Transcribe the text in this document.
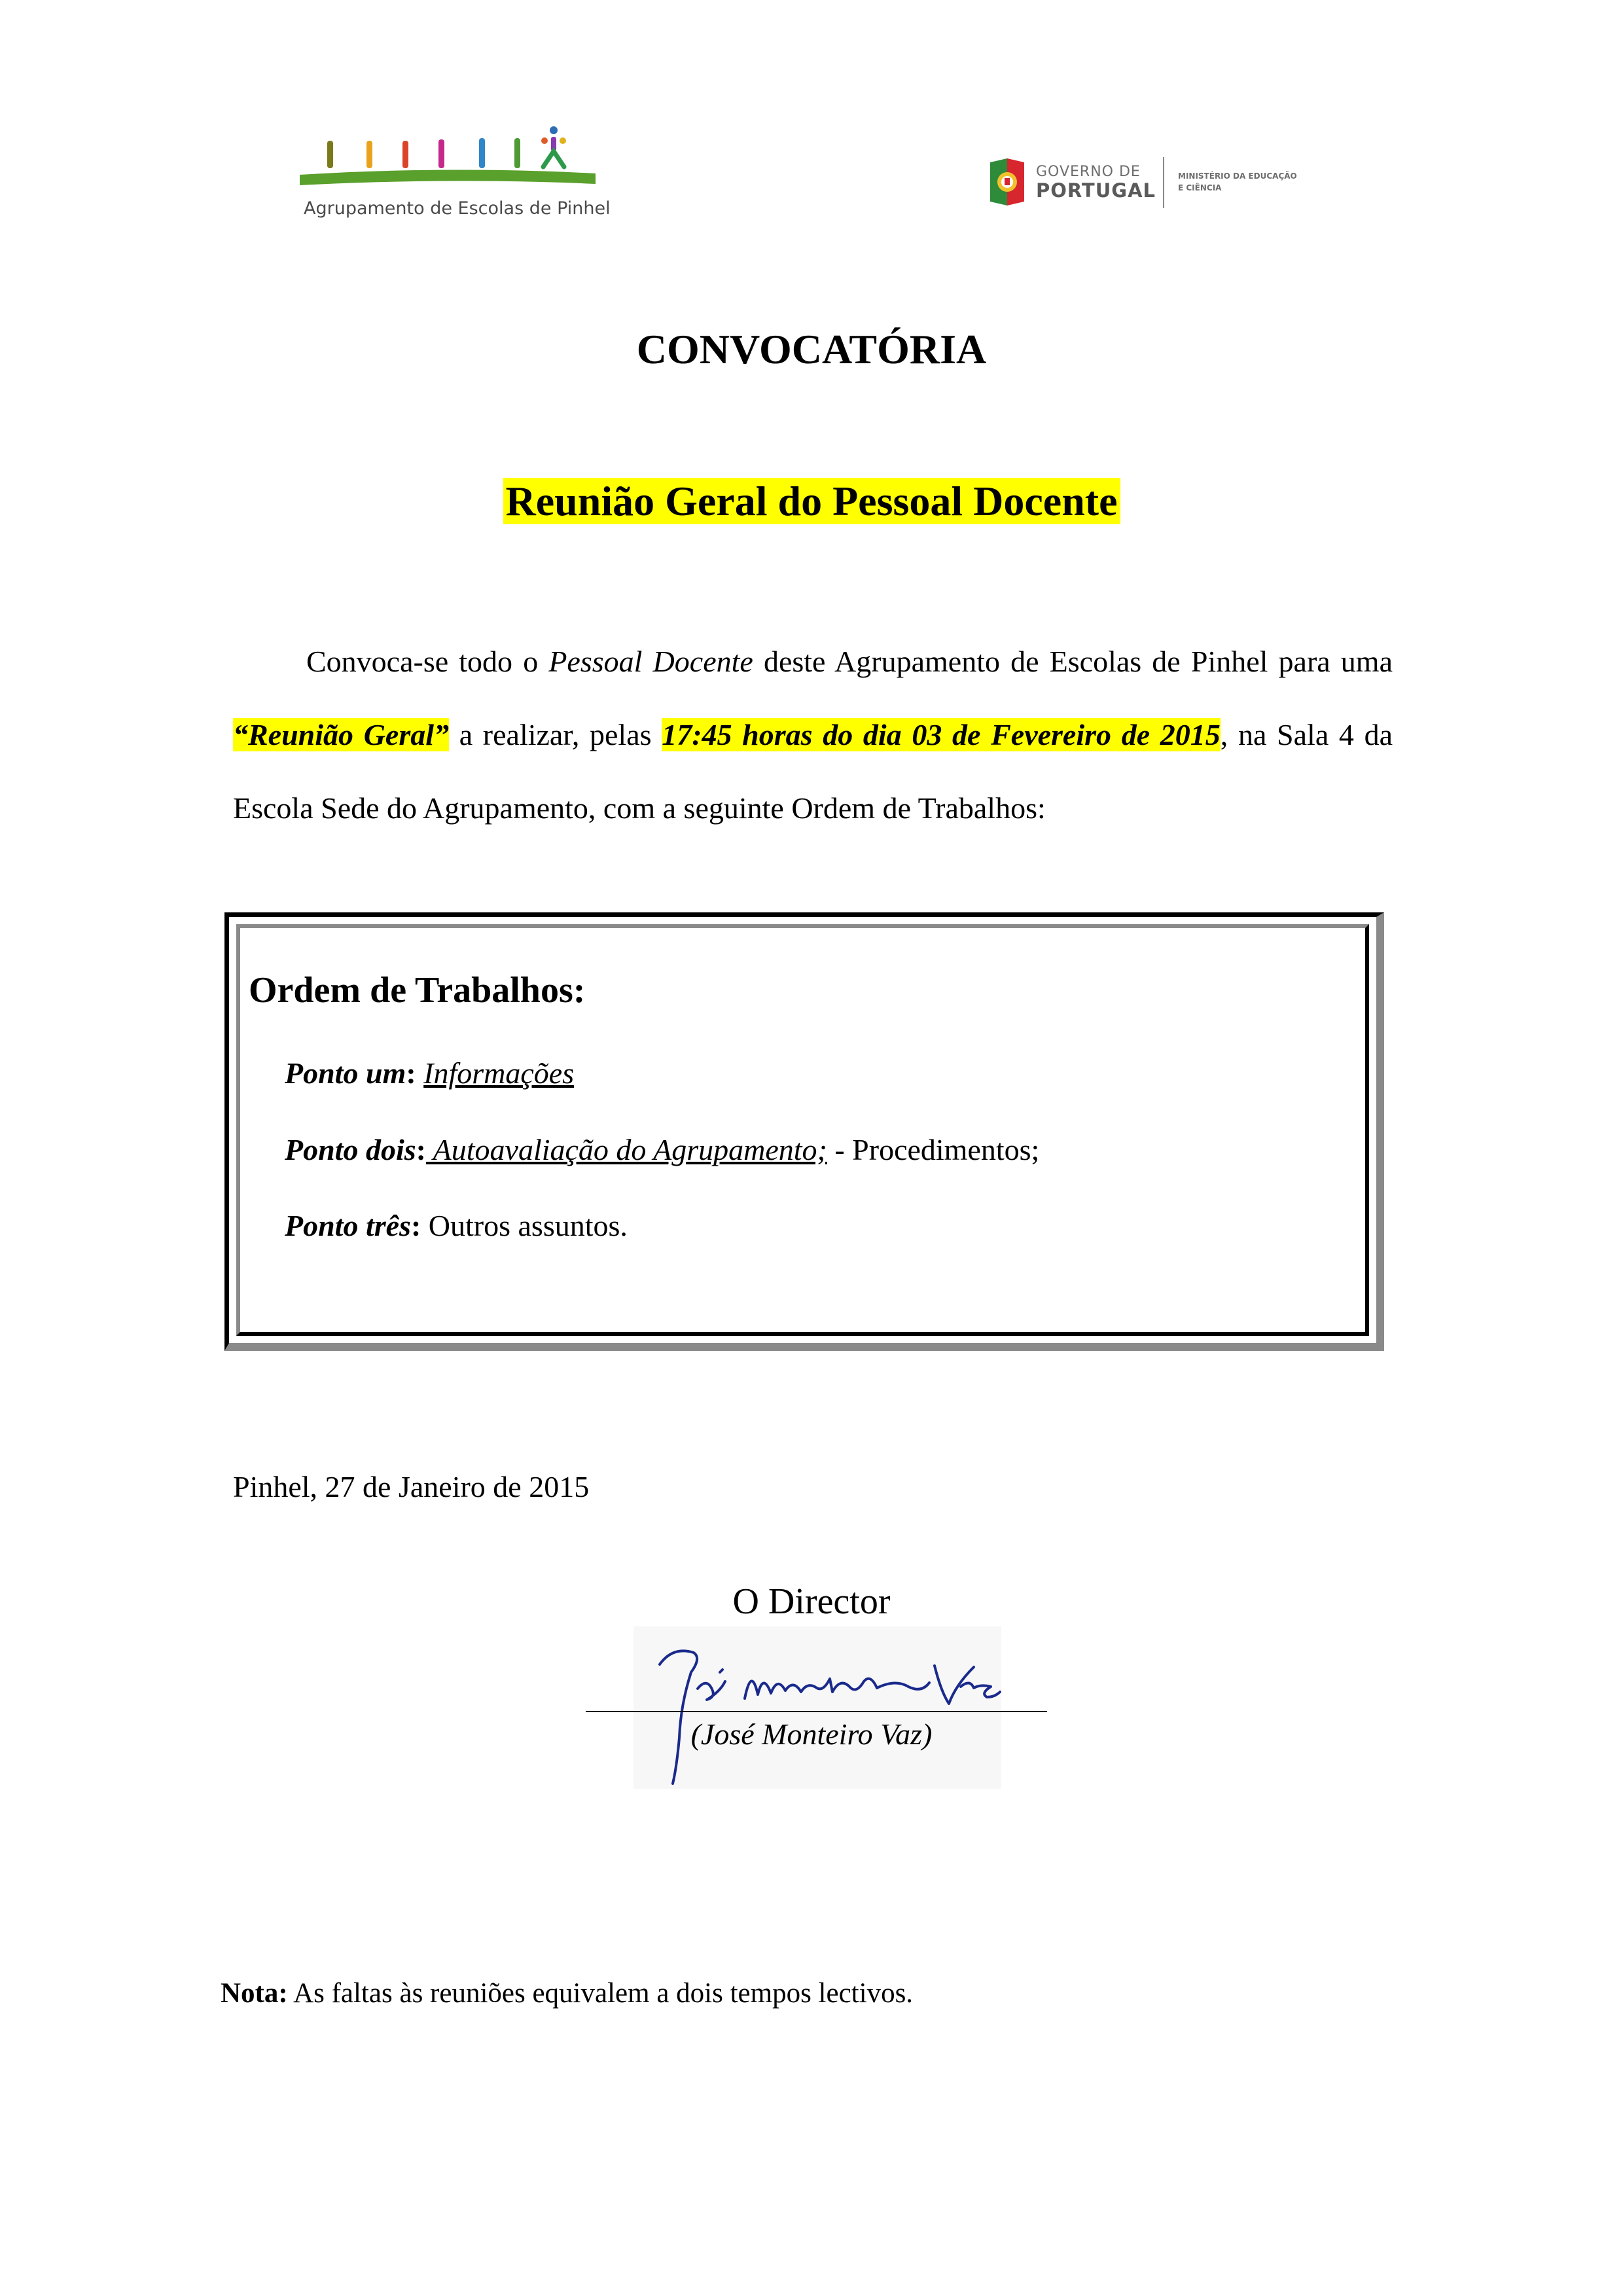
Agrupamento de Escolas de Pinhel
GOVERNO DE
PORTUGAL
MINISTÉRIO DA EDUCAÇÃO
E CIÊNCIA
CONVOCATÓRIA
Reunião Geral do Pessoal Docente
Convoca-se todo o Pessoal Docente deste Agrupamento de Escolas de Pinhel para uma “Reunião Geral” a realizar, pelas 17:45 horas do dia 03 de Fevereiro de 2015, na Sala 4 da Escola Sede do Agrupamento, com a seguinte Ordem de Trabalhos:
Ordem de Trabalhos:
Ponto um: Informações
Ponto dois: Autoavaliação do Agrupamento; - Procedimentos;
Ponto três: Outros assuntos.
Pinhel, 27 de Janeiro de 2015
O Director
(José Monteiro Vaz)
Nota: As faltas às reuniões equivalem a dois tempos lectivos.
